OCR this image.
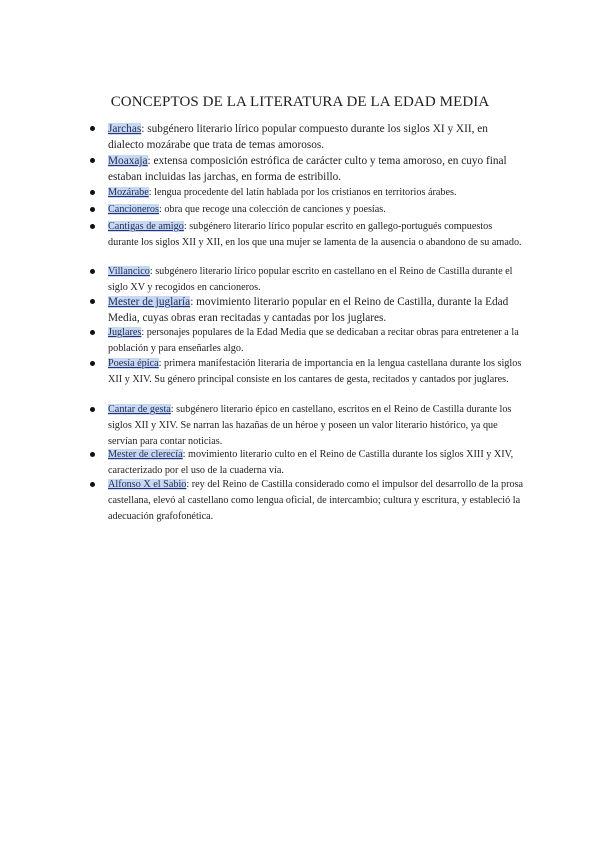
CONCEPTOS DE LA LITERATURA DE LA EDAD MEDIA
Jarchas: subgénero literario lírico popular compuesto durante los siglos XI y XII, en dialecto mozárabe que trata de temas amorosos.
Moaxaja: extensa composición estrófica de carácter culto y tema amoroso, en cuyo final estaban incluidas las jarchas, en forma de estribillo.
Mozárabe: lengua procedente del latín hablada por los cristianos en territorios árabes.
Cancioneros: obra que recoge una colección de canciones y poesías.
Cantigas de amigo: subgénero literario lírico popular escrito en gallego-portugués compuestos durante los siglos XII y XII, en los que una mujer se lamenta de la ausencia o abandono de su amado.
Villancico: subgénero literario lírico popular escrito en castellano en el Reino de Castilla durante el siglo XV y recogidos en cancioneros.
Mester de juglaría: movimiento literario popular en el Reino de Castilla, durante la Edad Media, cuyas obras eran recitadas y cantadas por los juglares.
Juglares: personajes populares de la Edad Media que se dedicaban a recitar obras para entretener a la población y para enseñarles algo.
Poesía épica: primera manifestación literaria de importancia en la lengua castellana durante los siglos XII y XIV. Su género principal consiste en los cantares de gesta, recitados y cantados por juglares.
Cantar de gesta: subgénero literario épico en castellano, escritos en el Reino de Castilla durante los siglos XII y XIV. Se narran las hazañas de un héroe y poseen un valor literario histórico, ya que servían para contar noticias.
Mester de clerecía: movimiento literario culto en el Reino de Castilla durante los siglos XIII y XIV, caracterizado por el uso de la cuaderna vía.
Alfonso X el Sabio: rey del Reino de Castilla considerado como el impulsor del desarrollo de la prosa castellana, elevó al castellano como lengua oficial, de intercambio; cultura y escritura, y estableció la adecuación grafofonética.
